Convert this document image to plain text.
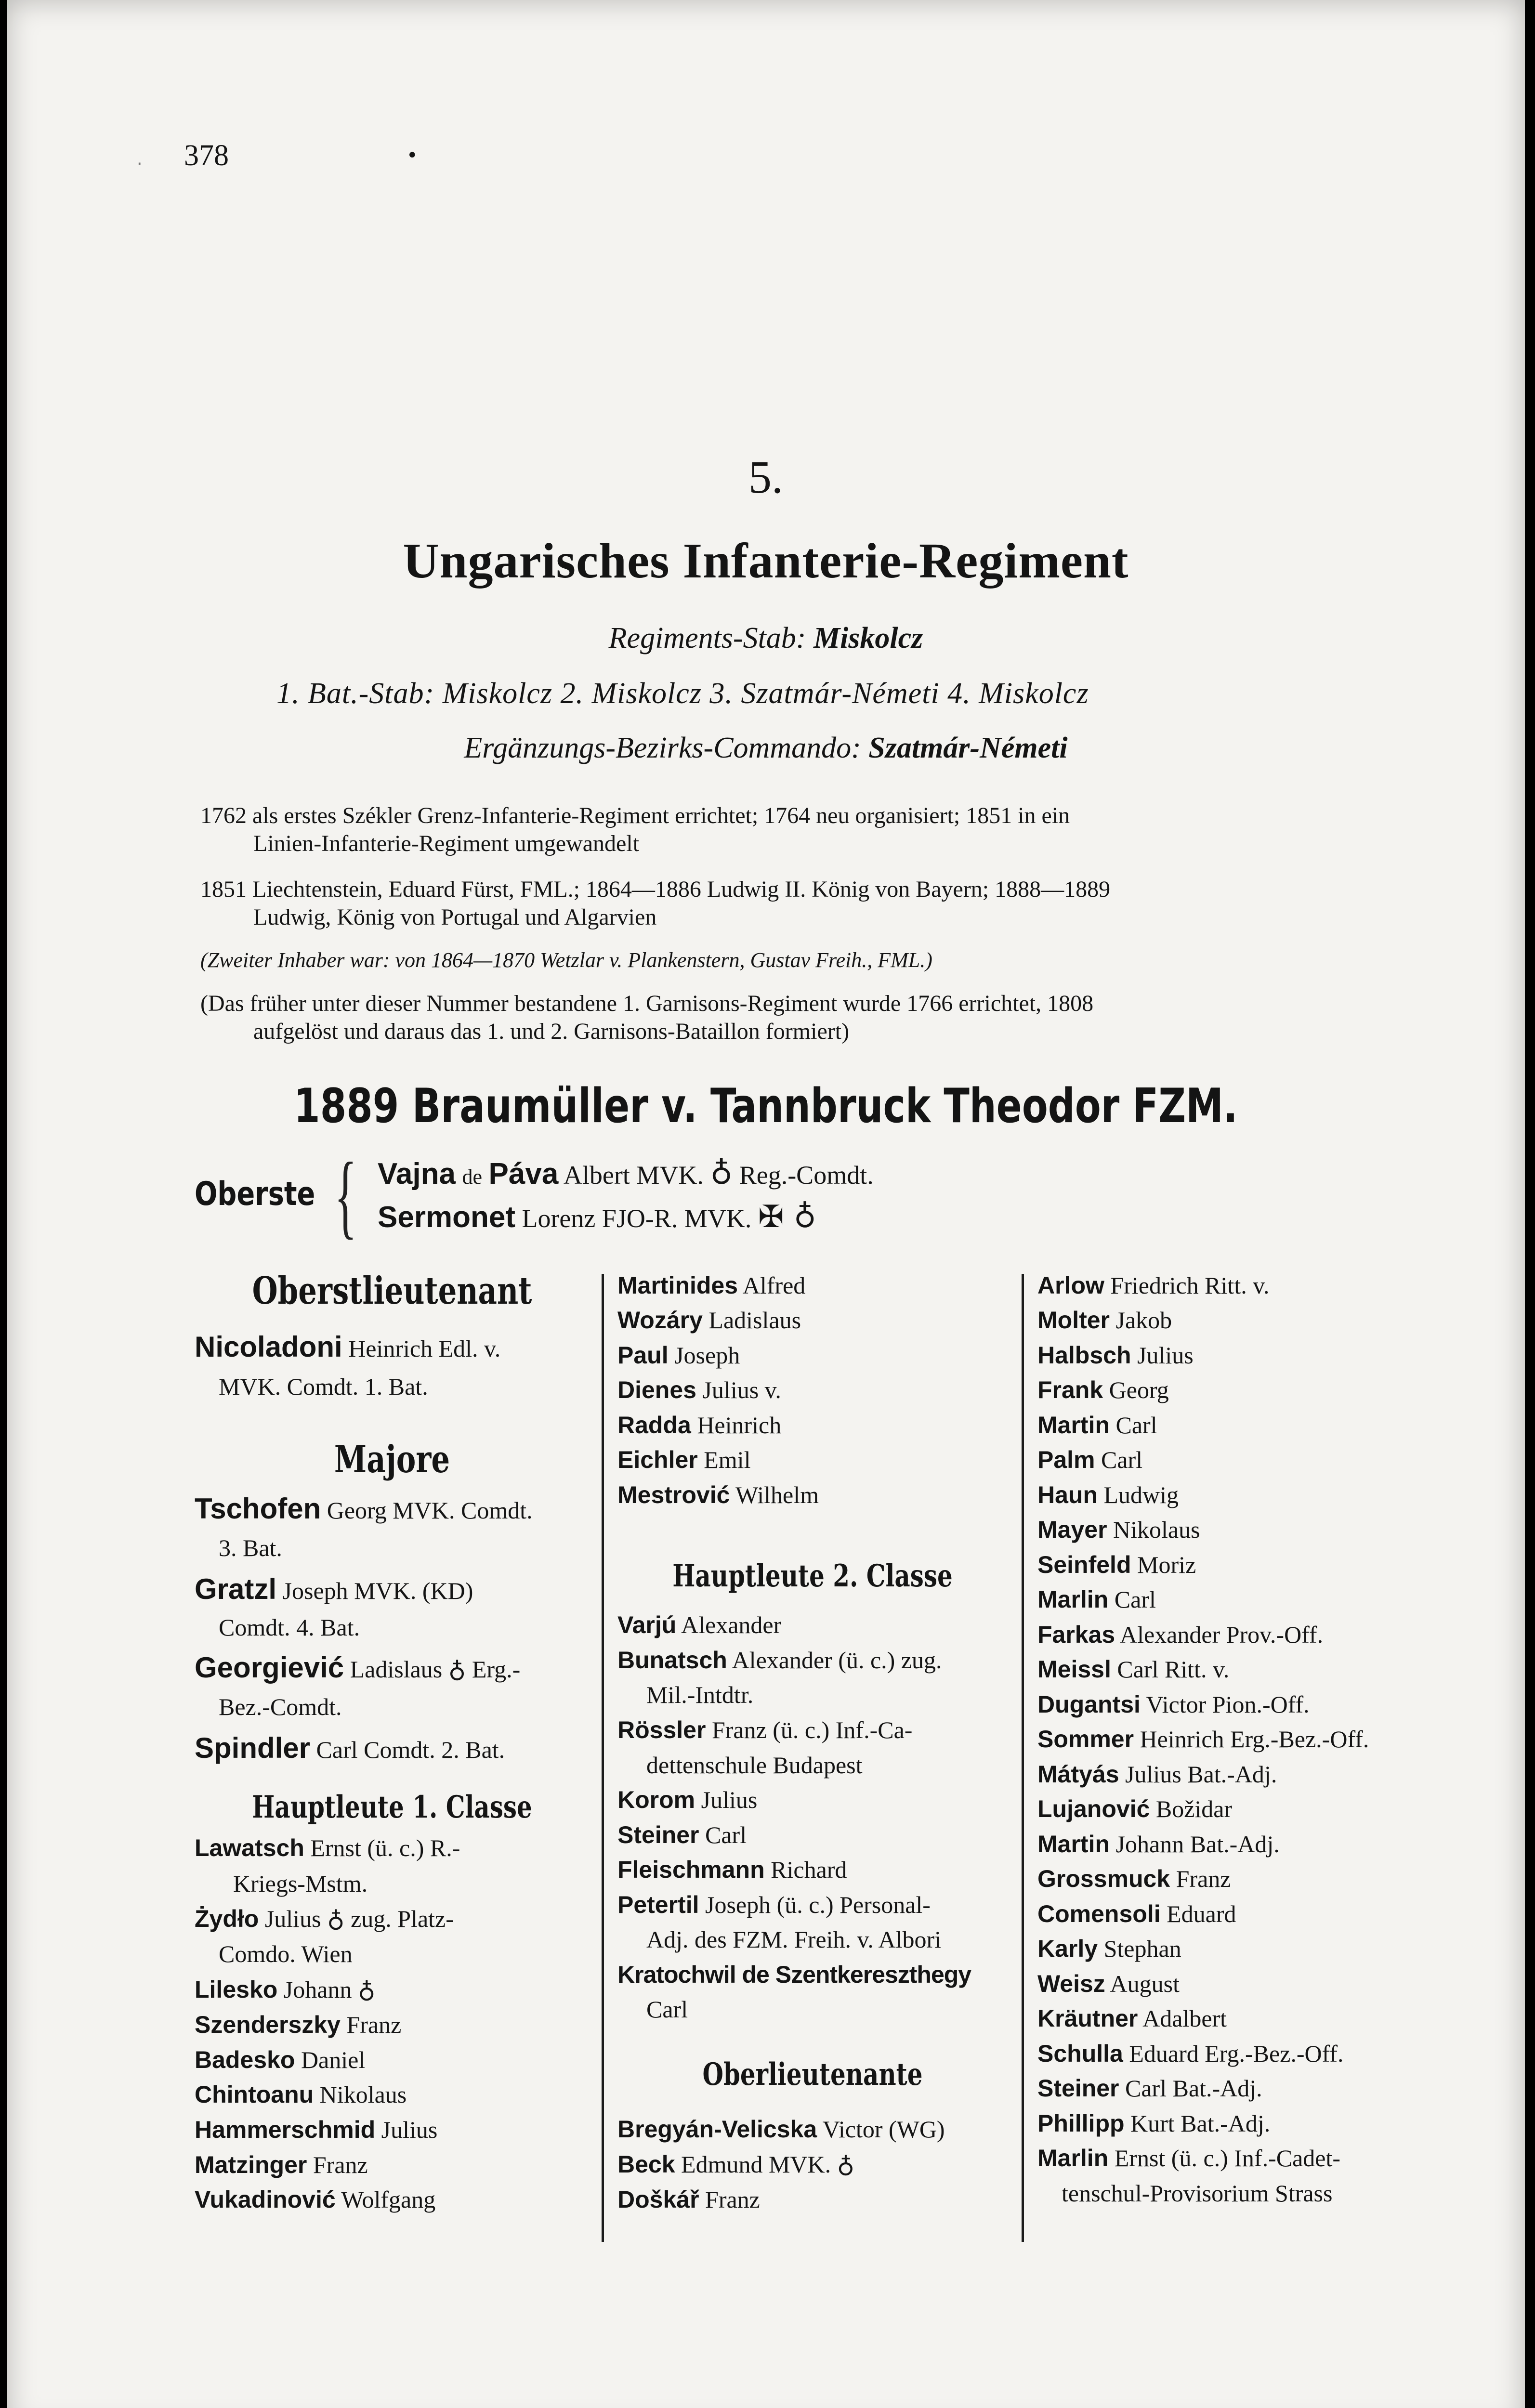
378
·	•
5.
Ungarisches Infanterie-Regiment
Regiments-Stab: Miskolcz
1. Bat.-Stab: Miskolcz 2. Miskolcz 3. Szatmár-Németi 4. Miskolcz
Ergänzungs-Bezirks-Commando: Szatmár-Németi
1762 als erstes Székler Grenz-Infanterie-Regiment errichtet; 1764 neu organisiert; 1851 in ein
Linien-Infanterie-Regiment umgewandelt
1851 Liechtenstein, Eduard Fürst, FML.; 1864—1886 Ludwig II. König von Bayern; 1888—1889
Ludwig, König von Portugal und Algarvien
(Zweiter Inhaber war: von 1864—1870 Wetzlar v. Plankenstern, Gustav Freih., FML.)
(Das früher unter dieser Nummer bestandene 1. Garnisons-Regiment wurde 1766 errichtet, 1808
aufgelöst und daraus das 1. und 2. Garnisons-Bataillon formiert)
1889 Braumüller v. Tannbruck Theodor FZM.
Oberste { Vajna de Páva Albert MVK. ♁ Reg.-Comdt.
Sermonet Lorenz FJO-R. MVK. ✠ ♁
Oberstlieutenant
Nicoladoni Heinrich Edl. v.
MVK. Comdt. 1. Bat.
Majore
Tschofen Georg MVK. Comdt.
3. Bat.
Gratzl Joseph MVK. (KD)
Comdt. 4. Bat.
Georgiević Ladislaus ♁ Erg.-
Bez.-Comdt.
Spindler Carl Comdt. 2. Bat.
Hauptleute 1. Classe
Lawatsch Ernst (ü. c.) R.-
Kriegs-Mstm.
Żydło Julius ♁ zug. Platz-
Comdo. Wien
Lilesko Johann ♁
Szenderszky Franz
Badesko Daniel
Chintoanu Nikolaus
Hammerschmid Julius
Matzinger Franz
Vukadinović Wolfgang
Martinides Alfred
Wozáry Ladislaus
Paul Joseph
Dienes Julius v.
Radda Heinrich
Eichler Emil
Mestrović Wilhelm
Hauptleute 2. Classe
Varjú Alexander
Bunatsch Alexander (ü. c.) zug.
Mil.-Intdtr.
Rössler Franz (ü. c.) Inf.-Ca-
dettenschule Budapest
Korom Julius
Steiner Carl
Fleischmann Richard
Petertil Joseph (ü. c.) Personal-
Adj. des FZM. Freih. v. Albori
Kratochwil de Szentkereszthegy
Carl
Oberlieutenante
Bregyán-Velicska Victor (WG)
Beck Edmund MVK. ♁
Doškář Franz
Arlow Friedrich Ritt. v.
Molter Jakob
Halbsch Julius
Frank Georg
Martin Carl
Palm Carl
Haun Ludwig
Mayer Nikolaus
Seinfeld Moriz
Marlin Carl
Farkas Alexander Prov.-Off.
Meissl Carl Ritt. v.
Dugantsi Victor Pion.-Off.
Sommer Heinrich Erg.-Bez.-Off.
Mátyás Julius Bat.-Adj.
Lujanović Božidar
Martin Johann Bat.-Adj.
Grossmuck Franz
Comensoli Eduard
Karly Stephan
Weisz August
Kräutner Adalbert
Schulla Eduard Erg.-Bez.-Off.
Steiner Carl Bat.-Adj.
Phillipp Kurt Bat.-Adj.
Marlin Ernst (ü. c.) Inf.-Cadet-
tenschul-Provisorium Strass
